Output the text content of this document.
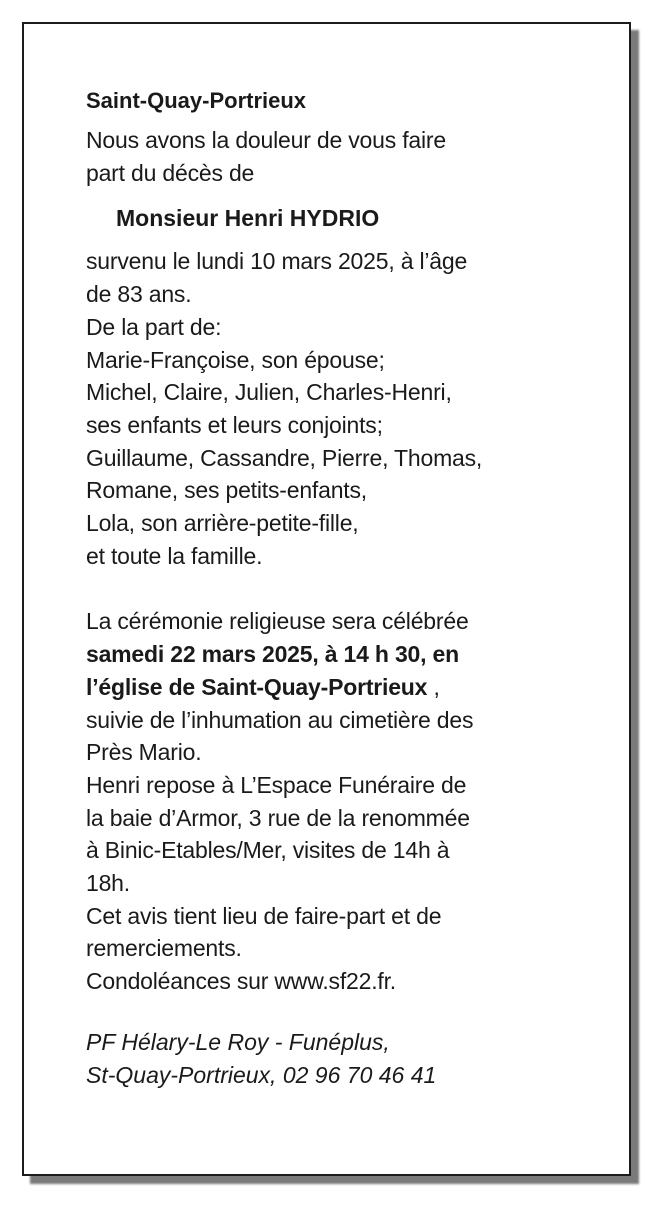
Saint-Quay-Portrieux
Nous avons la douleur de vous faire
part du décès de
Monsieur Henri HYDRIO
survenu le lundi 10 mars 2025, à l’âge
de 83 ans.
De la part de:
Marie-Françoise, son épouse;
Michel, Claire, Julien, Charles-Henri,
ses enfants et leurs conjoints;
Guillaume, Cassandre, Pierre, Thomas,
Romane, ses petits-enfants,
Lola, son arrière-petite-fille,
et toute la famille.
La cérémonie religieuse sera célébrée
samedi 22 mars 2025, à 14 h 30, en
l’église de Saint-Quay-Portrieux ,
suivie de l’inhumation au cimetière des
Près Mario.
Henri repose à L’Espace Funéraire de
la baie d’Armor, 3 rue de la renommée
à Binic-Etables/Mer, visites de 14h à
18h.
Cet avis tient lieu de faire-part et de
remerciements.
Condoléances sur www.sf22.fr.
PF Hélary-Le Roy - Funéplus,
St-Quay-Portrieux, 02 96 70 46 41
